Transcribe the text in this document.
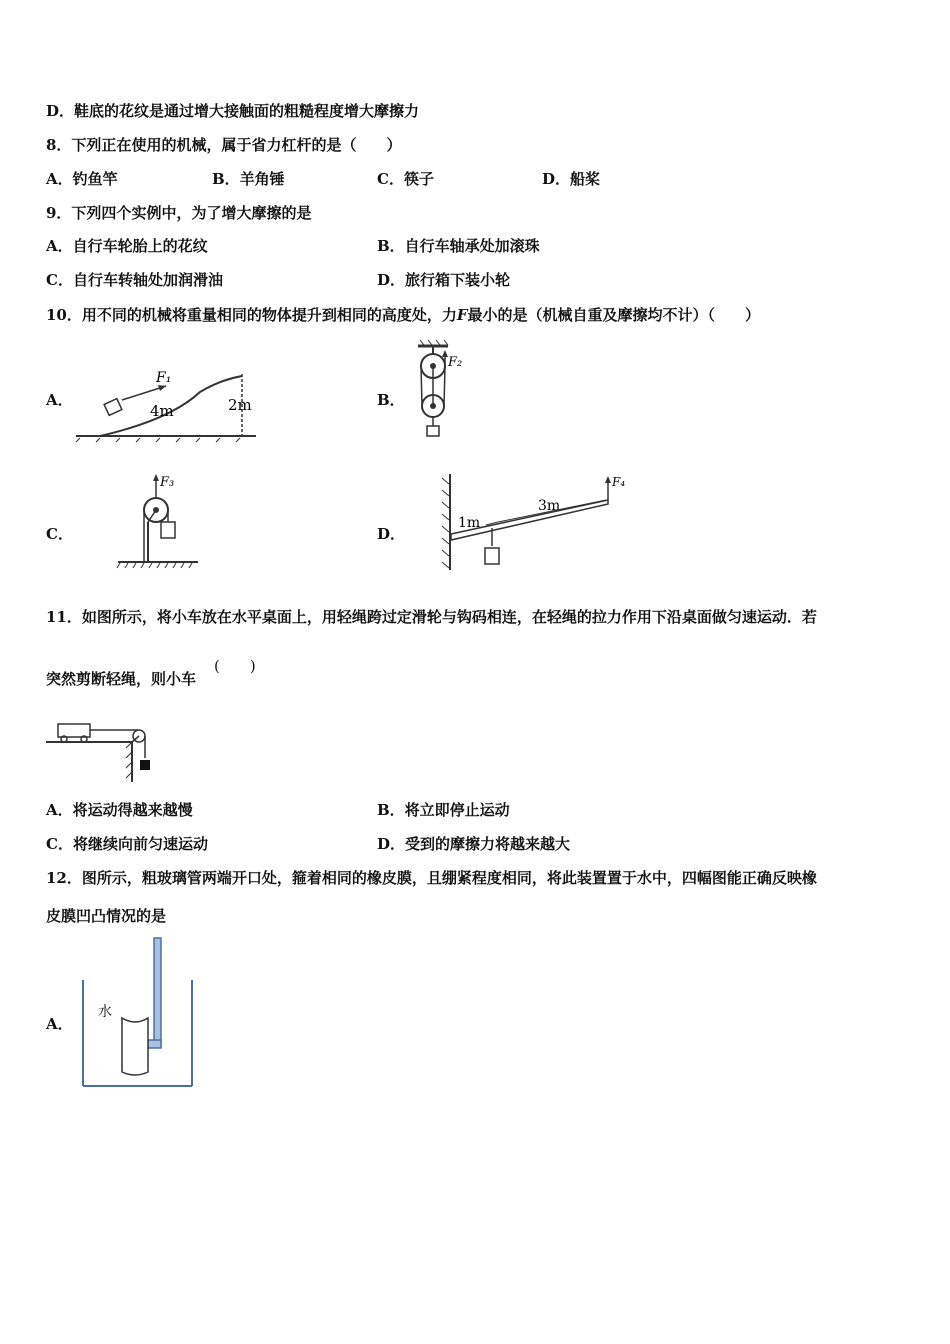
D．鞋底的花纹是通过增大接触面的粗糙程度增大摩擦力
8．下列正在使用的机械，属于省力杠杆的是（　　）
A．钓鱼竿	B．羊角锤	C．筷子	D．船桨
9．下列四个实例中，为了增大摩擦的是
A．自行车轮胎上的花纹	B．自行车轴承处加滚珠
C．自行车转轴处加润滑油	D．旅行箱下装小轮
10．用不同的机械将重量相同的物体提升到相同的高度处，力F最小的是（机械自重及摩擦均不计）（　　）
A．	B．
C．	D．
F₁
4m	2m
F₂
F₃	F₄
1m
3m
11．如图所示，将小车放在水平桌面上，用轻绳跨过定滑轮与钩码相连，在轻绳的拉力作用下沿桌面做匀速运动．若
突然剪断轻绳，则小车
(　　)
A．将运动得越来越慢	B．将立即停止运动
C．将继续向前匀速运动	D．受到的摩擦力将越来越大
12．图所示，粗玻璃管两端开口处，箍着相同的橡皮膜，且绷紧程度相同，将此装置置于水中，四幅图能正确反映橡
皮膜凹凸情况的是
A．
水
